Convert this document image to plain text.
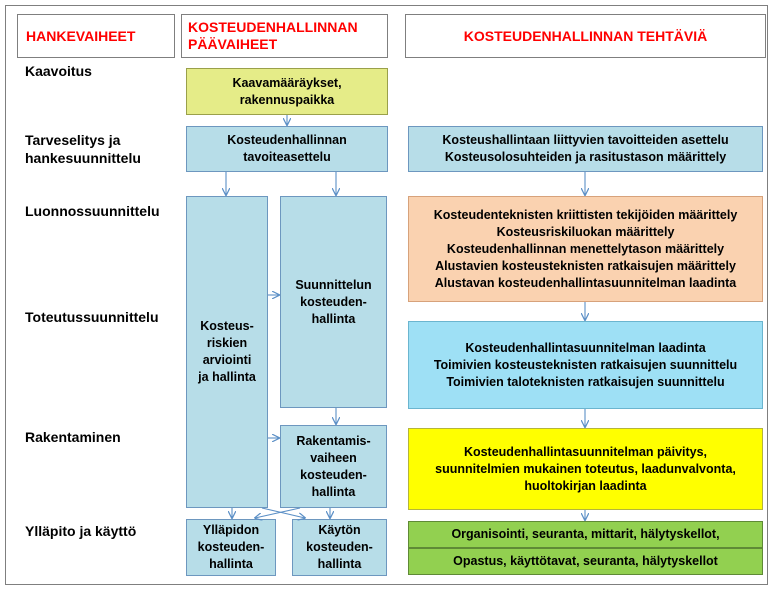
HANKEVAIHEET
KOSTEUDENHALLINNAN
PÄÄVAIHEET	KOSTEUDENHALLINNAN TEHTÄVIÄ
Kaavoitus
Tarveselitys ja
hankesuunnittelu
Luonnossuunnittelu
Toteutussuunnittelu
Rakentaminen
Ylläpito ja käyttö
Kaavamääräykset,
rakennuspaikka
Kosteudenhallinnan
tavoiteasettelu
Kosteus-
riskien
arviointi
ja hallinta
Suunnittelun
kosteuden-
hallinta
Rakentamis-
vaiheen
kosteuden-
hallinta
Ylläpidon
kosteuden-
hallinta
Käytön
kosteuden-
hallinta
Kosteushallintaan liittyvien tavoitteiden asettelu
Kosteusolosuhteiden ja rasitustason määrittely
Kosteudenteknisten kriittisten tekijöiden määrittely
Kosteusriskiluokan määrittely
Kosteudenhallinnan menettelytason määrittely
Alustavien kosteusteknisten ratkaisujen määrittely
Alustavan kosteudenhallintasuunnitelman laadinta
Kosteudenhallintasuunnitelman laadinta
Toimivien kosteusteknisten ratkaisujen suunnittelu
Toimivien taloteknisten ratkaisujen suunnittelu
Kosteudenhallintasuunnitelman päivitys,
suunnitelmien mukainen toteutus, laadunvalvonta,
huoltokirjan laadinta
Organisointi, seuranta, mittarit, hälytyskellot,
Opastus, käyttötavat, seuranta, hälytyskellot
